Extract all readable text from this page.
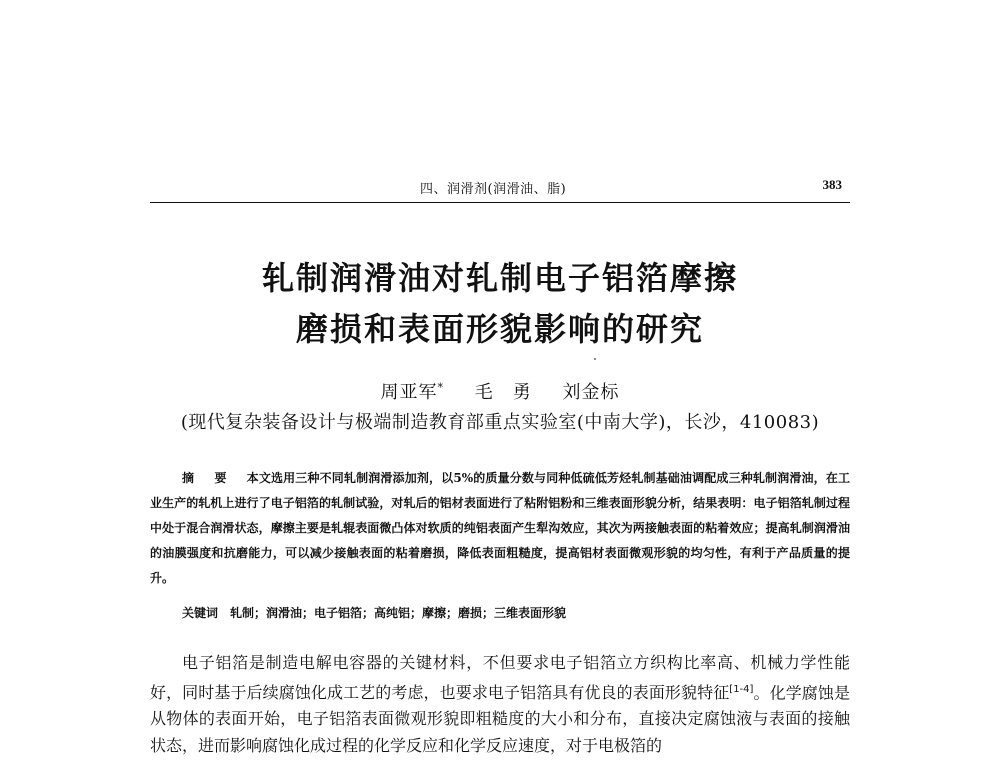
四、润滑剂(润滑油、脂)	383
轧制润滑油对轧制电子铝箔摩擦
磨损和表面形貌影响的研究
周亚军* 毛　勇 刘金标
(现代复杂装备设计与极端制造教育部重点实验室(中南大学)，长沙，410083)
摘 要 本文选用三种不同轧制润滑添加剂，以5%的质量分数与同种低硫低芳烃轧制基础油调配成三种轧制润滑油，在工业生产的轧机上进行了电子铝箔的轧制试验，对轧后的铝材表面进行了粘附铝粉和三维表面形貌分析，结果表明：电子铝箔轧制过程中处于混合润滑状态，摩擦主要是轧辊表面微凸体对软质的纯铝表面产生犁沟效应，其次为两接触表面的粘着效应；提高轧制润滑油的油膜强度和抗磨能力，可以减少接触表面的粘着磨损，降低表面粗糙度，提高铝材表面微观形貌的均匀性，有利于产品质量的提升。
关键词 轧制；润滑油；电子铝箔；高纯铝；摩擦；磨损；三维表面形貌
电子铝箔是制造电解电容器的关键材料，不但要求电子铝箔立方织构比率高、机械力学性能好，同时基于后续腐蚀化成工艺的考虑，也要求电子铝箔具有优良的表面形貌特征[1-4]。化学腐蚀是从物体的表面开始，电子铝箔表面微观形貌即粗糙度的大小和分布，直接决定腐蚀液与表面的接触状态，进而影响腐蚀化成过程的化学反应和化学反应速度，对于电极箔的
